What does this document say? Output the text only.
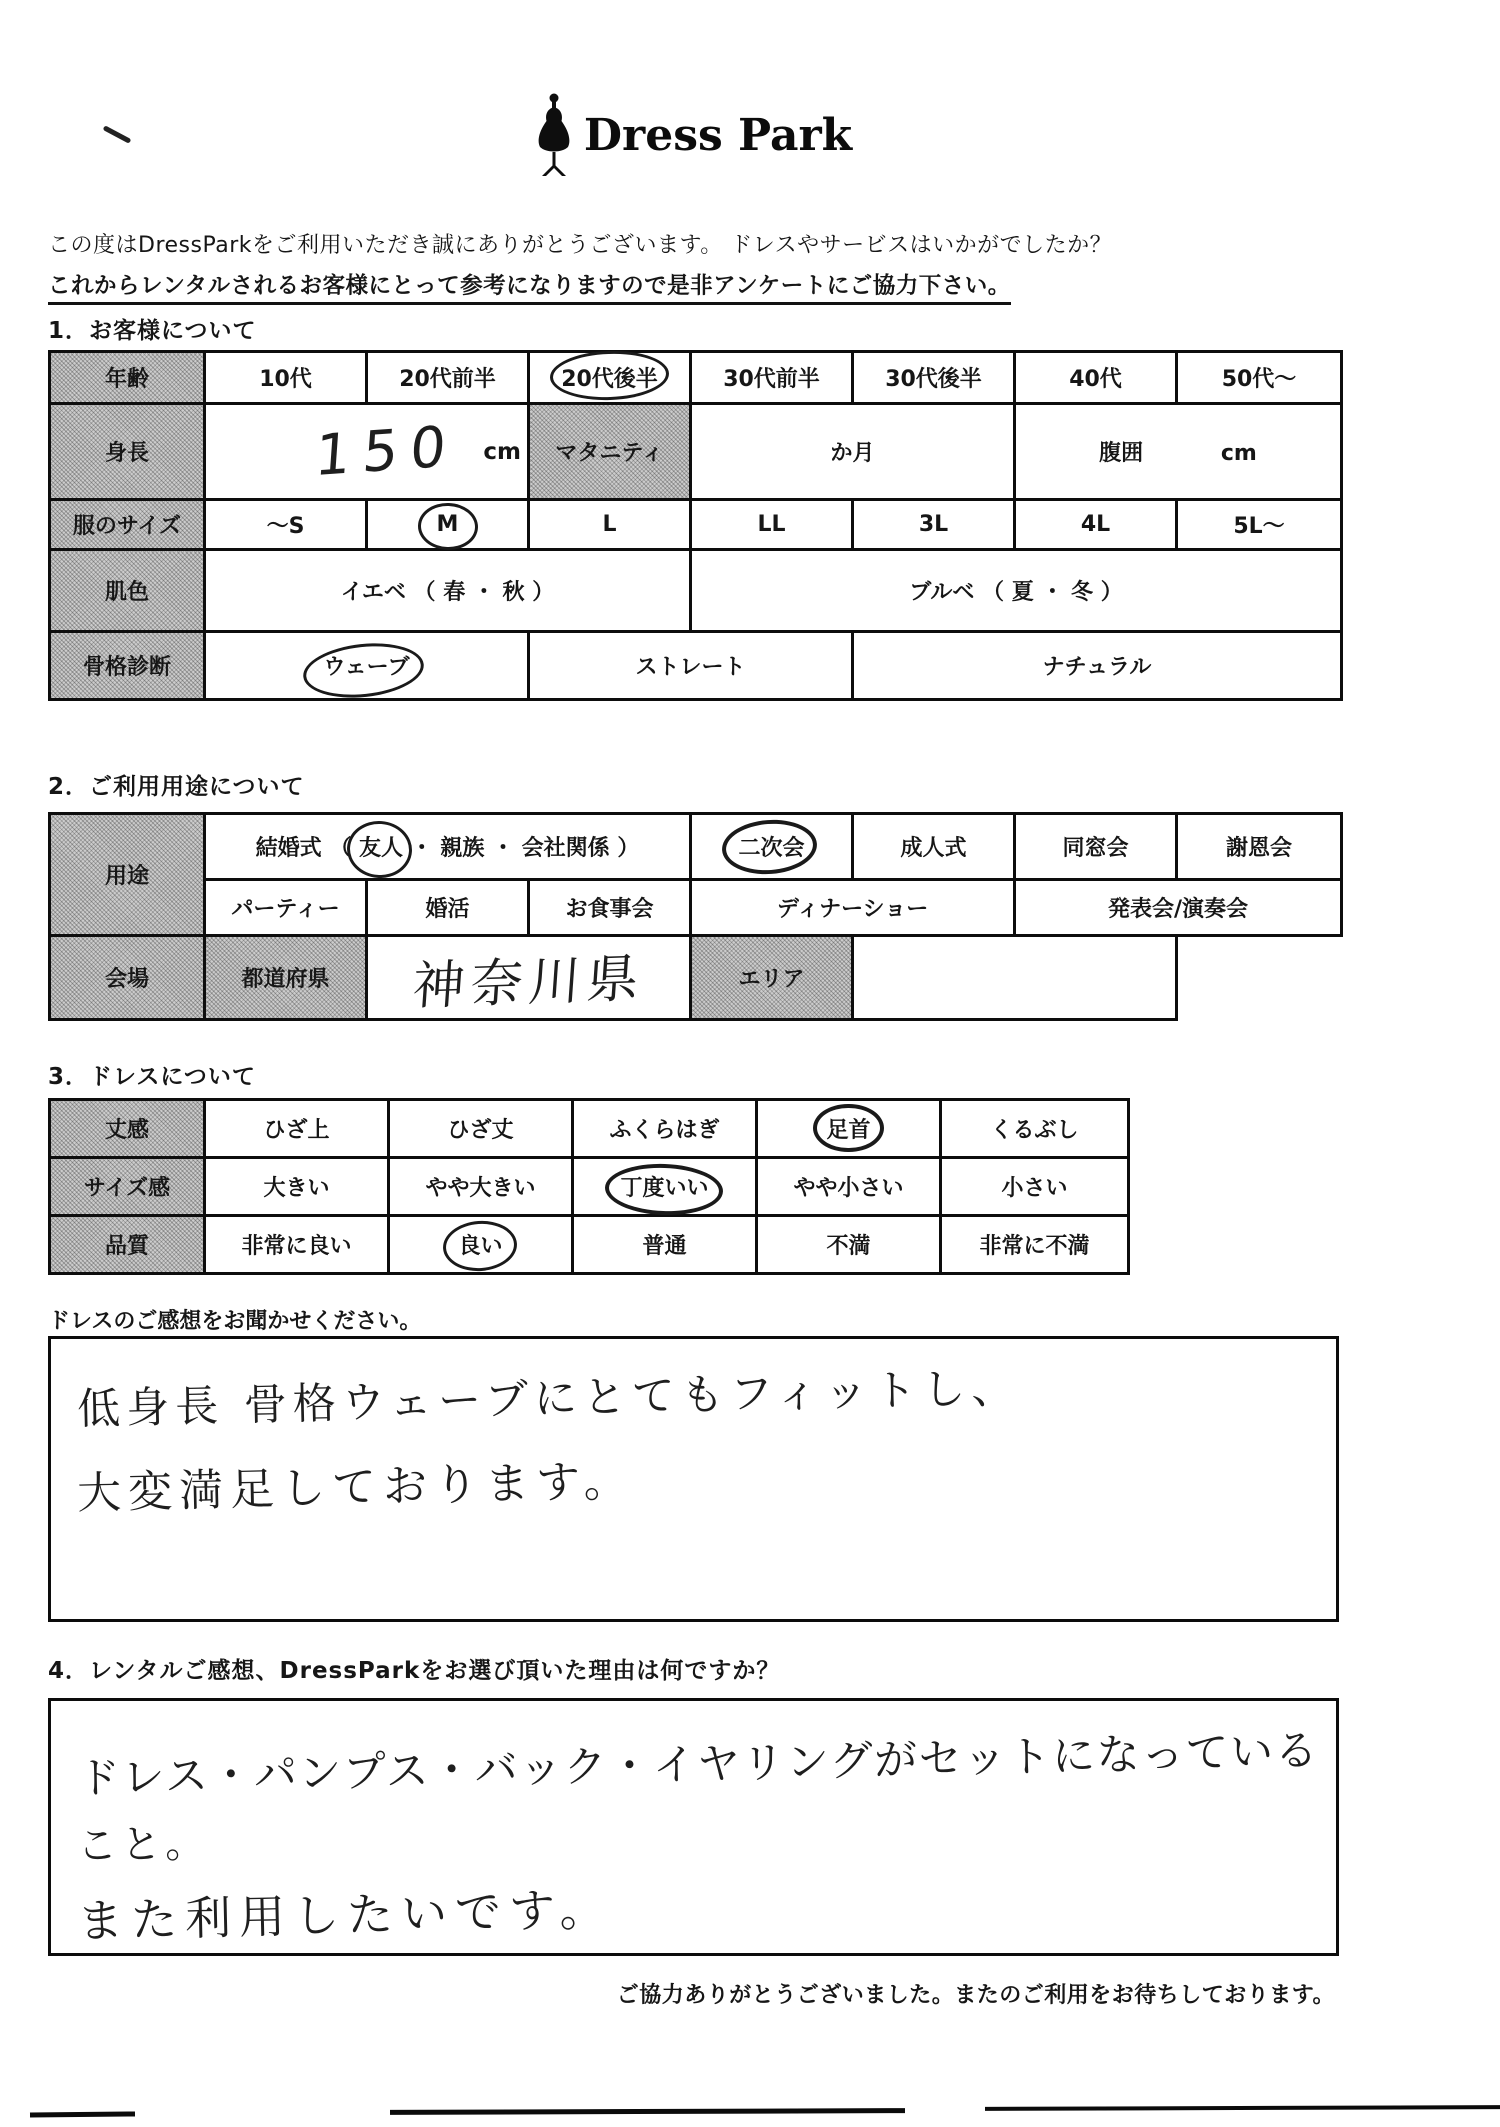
Dress Park
この度はDressParkをご利用いただき誠にありがとうございます。 ドレスやサービスはいかがでしたか？
これからレンタルされるお客様にとって参考になりますので是非アンケートにご協力下さい。
1．お客様について
年齢	10代	20代前半	20代後半	30代前半	30代後半	40代	50代～
身長	150 cm		マタニティ	か月		腹囲 cm	
服のサイズ	～S	M	L	LL	3L	4L	5L～
肌色	イエベ （ 春 ・ 秋 ）			ブルベ （ 夏 ・ 冬 ）			
骨格診断	ウェーブ		ストレート		ナチュラル		
2．ご利用用途について
用途	結婚式 （ 友人 ・ 親族 ・ 会社関係 ）			二次会	成人式	同窓会	謝恩会
	パーティー	婚活	お食事会	ディナーショー		発表会/演奏会	
会場	都道府県	神奈川県		エリア			
3．ドレスについて
丈感	ひざ上	ひざ丈	ふくらはぎ	足首	くるぶし
サイズ感	大きい	やや大きい	丁度いい	やや小さい	小さい
品質	非常に良い	良い	普通	不満	非常に不満
ドレスのご感想をお聞かせください。
低身長 骨格ウェーブにとてもフィットし、
大変満足しております。
4．レンタルご感想、DressParkをお選び頂いた理由は何ですか？
ドレス・パンプス・バック・イヤリングがセットになっている
こと。
また利用したいです。
ご協力ありがとうございました。またのご利用をお待ちしております。
